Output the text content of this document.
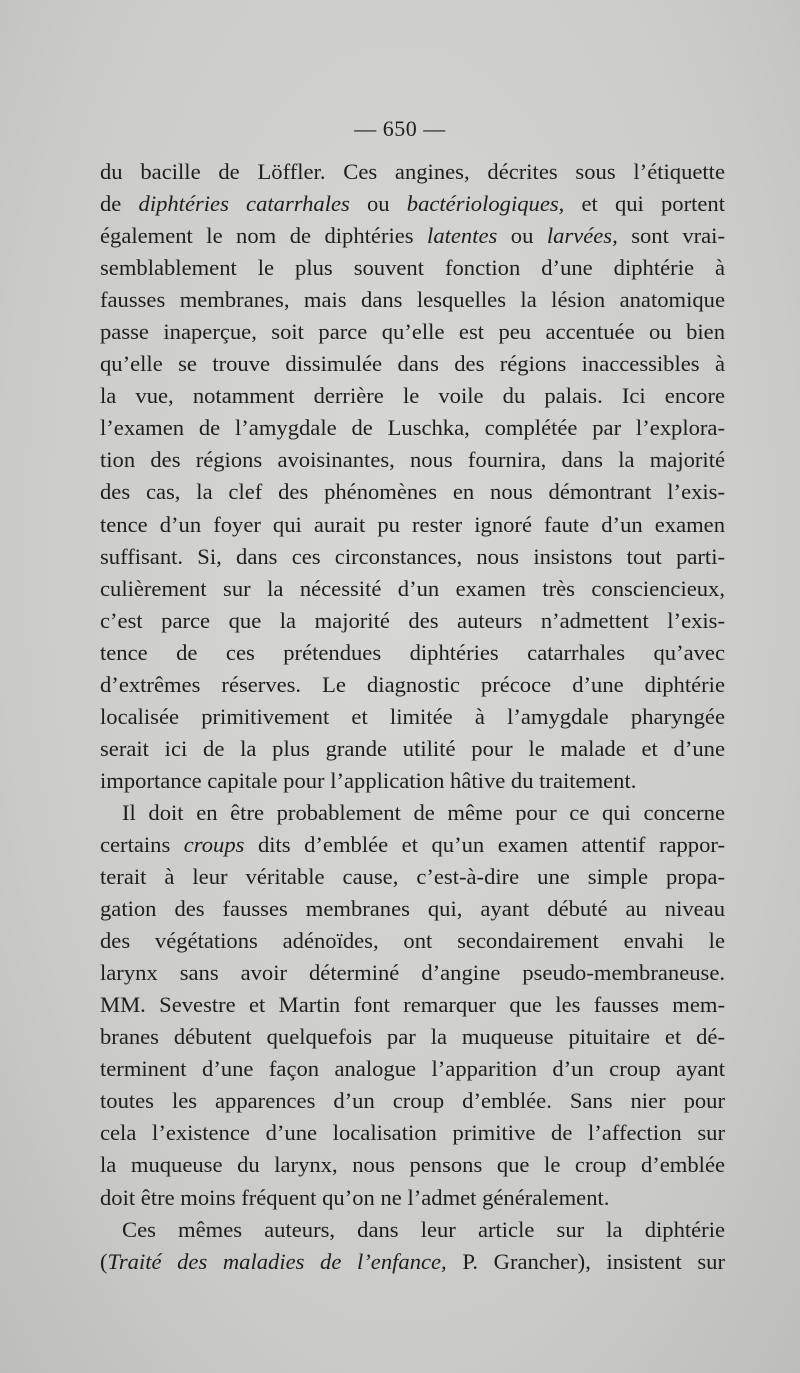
— 650 —
du bacille de Löffler. Ces angines, décrites sous l’étiquette
de diphtéries catarrhales ou bactériologiques, et qui portent
également le nom de diphtéries latentes ou larvées, sont vrai-
semblablement le plus souvent fonction d’une diphtérie à
fausses membranes, mais dans lesquelles la lésion anatomique
passe inaperçue, soit parce qu’elle est peu accentuée ou bien
qu’elle se trouve dissimulée dans des régions inaccessibles à
la vue, notamment derrière le voile du palais. Ici encore
l’examen de l’amygdale de Luschka, complétée par l’explora-
tion des régions avoisinantes, nous fournira, dans la majorité
des cas, la clef des phénomènes en nous démontrant l’exis-
tence d’un foyer qui aurait pu rester ignoré faute d’un examen
suffisant. Si, dans ces circonstances, nous insistons tout parti-
culièrement sur la nécessité d’un examen très consciencieux,
c’est parce que la majorité des auteurs n’admettent l’exis-
tence de ces prétendues diphtéries catarrhales qu’avec
d’extrêmes réserves. Le diagnostic précoce d’une diphtérie
localisée primitivement et limitée à l’amygdale pharyngée
serait ici de la plus grande utilité pour le malade et d’une
importance capitale pour l’application hâtive du traitement.
Il doit en être probablement de même pour ce qui concerne
certains croups dits d’emblée et qu’un examen attentif rappor-
terait à leur véritable cause, c’est-à-dire une simple propa-
gation des fausses membranes qui, ayant débuté au niveau
des végétations adénoïdes, ont secondairement envahi le
larynx sans avoir déterminé d’angine pseudo-membraneuse.
MM. Sevestre et Martin font remarquer que les fausses mem-
branes débutent quelquefois par la muqueuse pituitaire et dé-
terminent d’une façon analogue l’apparition d’un croup ayant
toutes les apparences d’un croup d’emblée. Sans nier pour
cela l’existence d’une localisation primitive de l’affection sur
la muqueuse du larynx, nous pensons que le croup d’emblée
doit être moins fréquent qu’on ne l’admet généralement.
Ces mêmes auteurs, dans leur article sur la diphtérie
(Traité des maladies de l’enfance, P. Grancher), insistent sur
